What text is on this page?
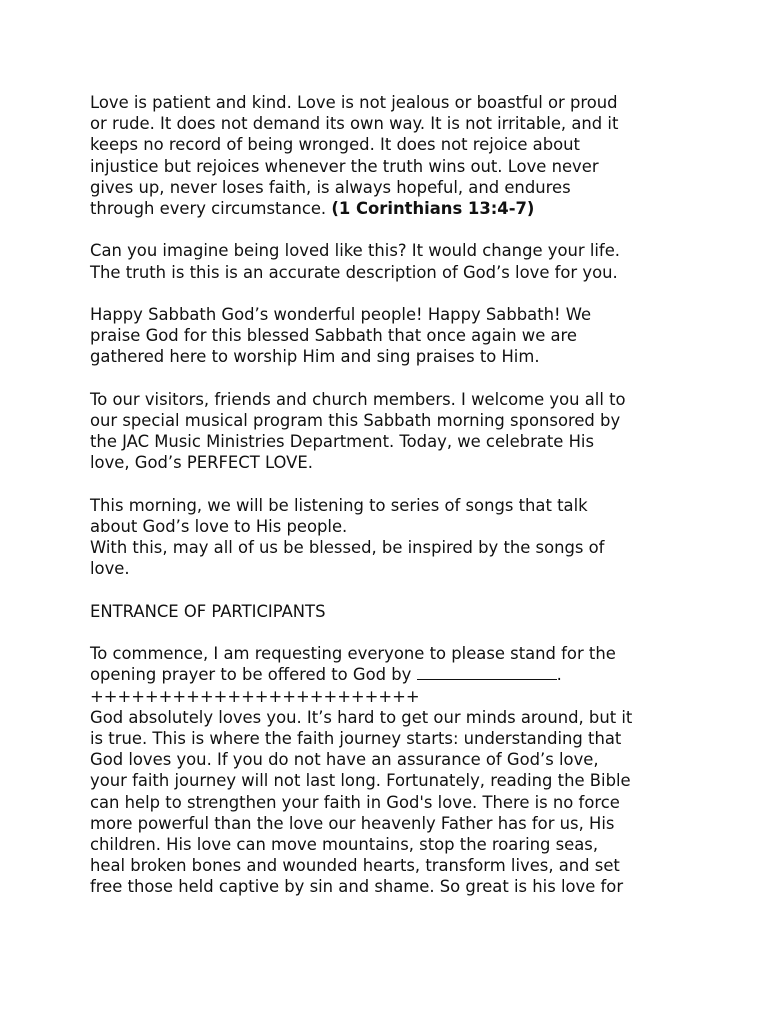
Love is patient and kind. Love is not jealous or boastful or proud
or rude. It does not demand its own way. It is not irritable, and it
keeps no record of being wronged. It does not rejoice about
injustice but rejoices whenever the truth wins out. Love never
gives up, never loses faith, is always hopeful, and endures
through every circumstance. (1 Corinthians 13:4-7)

Can you imagine being loved like this? It would change your life.
The truth is this is an accurate description of God’s love for you.

Happy Sabbath God’s wonderful people! Happy Sabbath! We
praise God for this blessed Sabbath that once again we are
gathered here to worship Him and sing praises to Him.

To our visitors, friends and church members. I welcome you all to
our special musical program this Sabbath morning sponsored by
the JAC Music Ministries Department. Today, we celebrate His
love, God’s PERFECT LOVE.

This morning, we will be listening to series of songs that talk
about God’s love to His people.
With this, may all of us be blessed, be inspired by the songs of
love.

ENTRANCE OF PARTICIPANTS

To commence, I am requesting everyone to please stand for the
opening prayer to be offered to God by	.
++++++++++++++++++++++++

God absolutely loves you. It’s hard to get our minds around, but it
is true. This is where the faith journey starts: understanding that
God loves you. If you do not have an assurance of God’s love,
your faith journey will not last long. Fortunately, reading the Bible
can help to strengthen your faith in God's love. There is no force
more powerful than the love our heavenly Father has for us, His
children. His love can move mountains, stop the roaring seas,
heal broken bones and wounded hearts, transform lives, and set
free those held captive by sin and shame. So great is his love for
